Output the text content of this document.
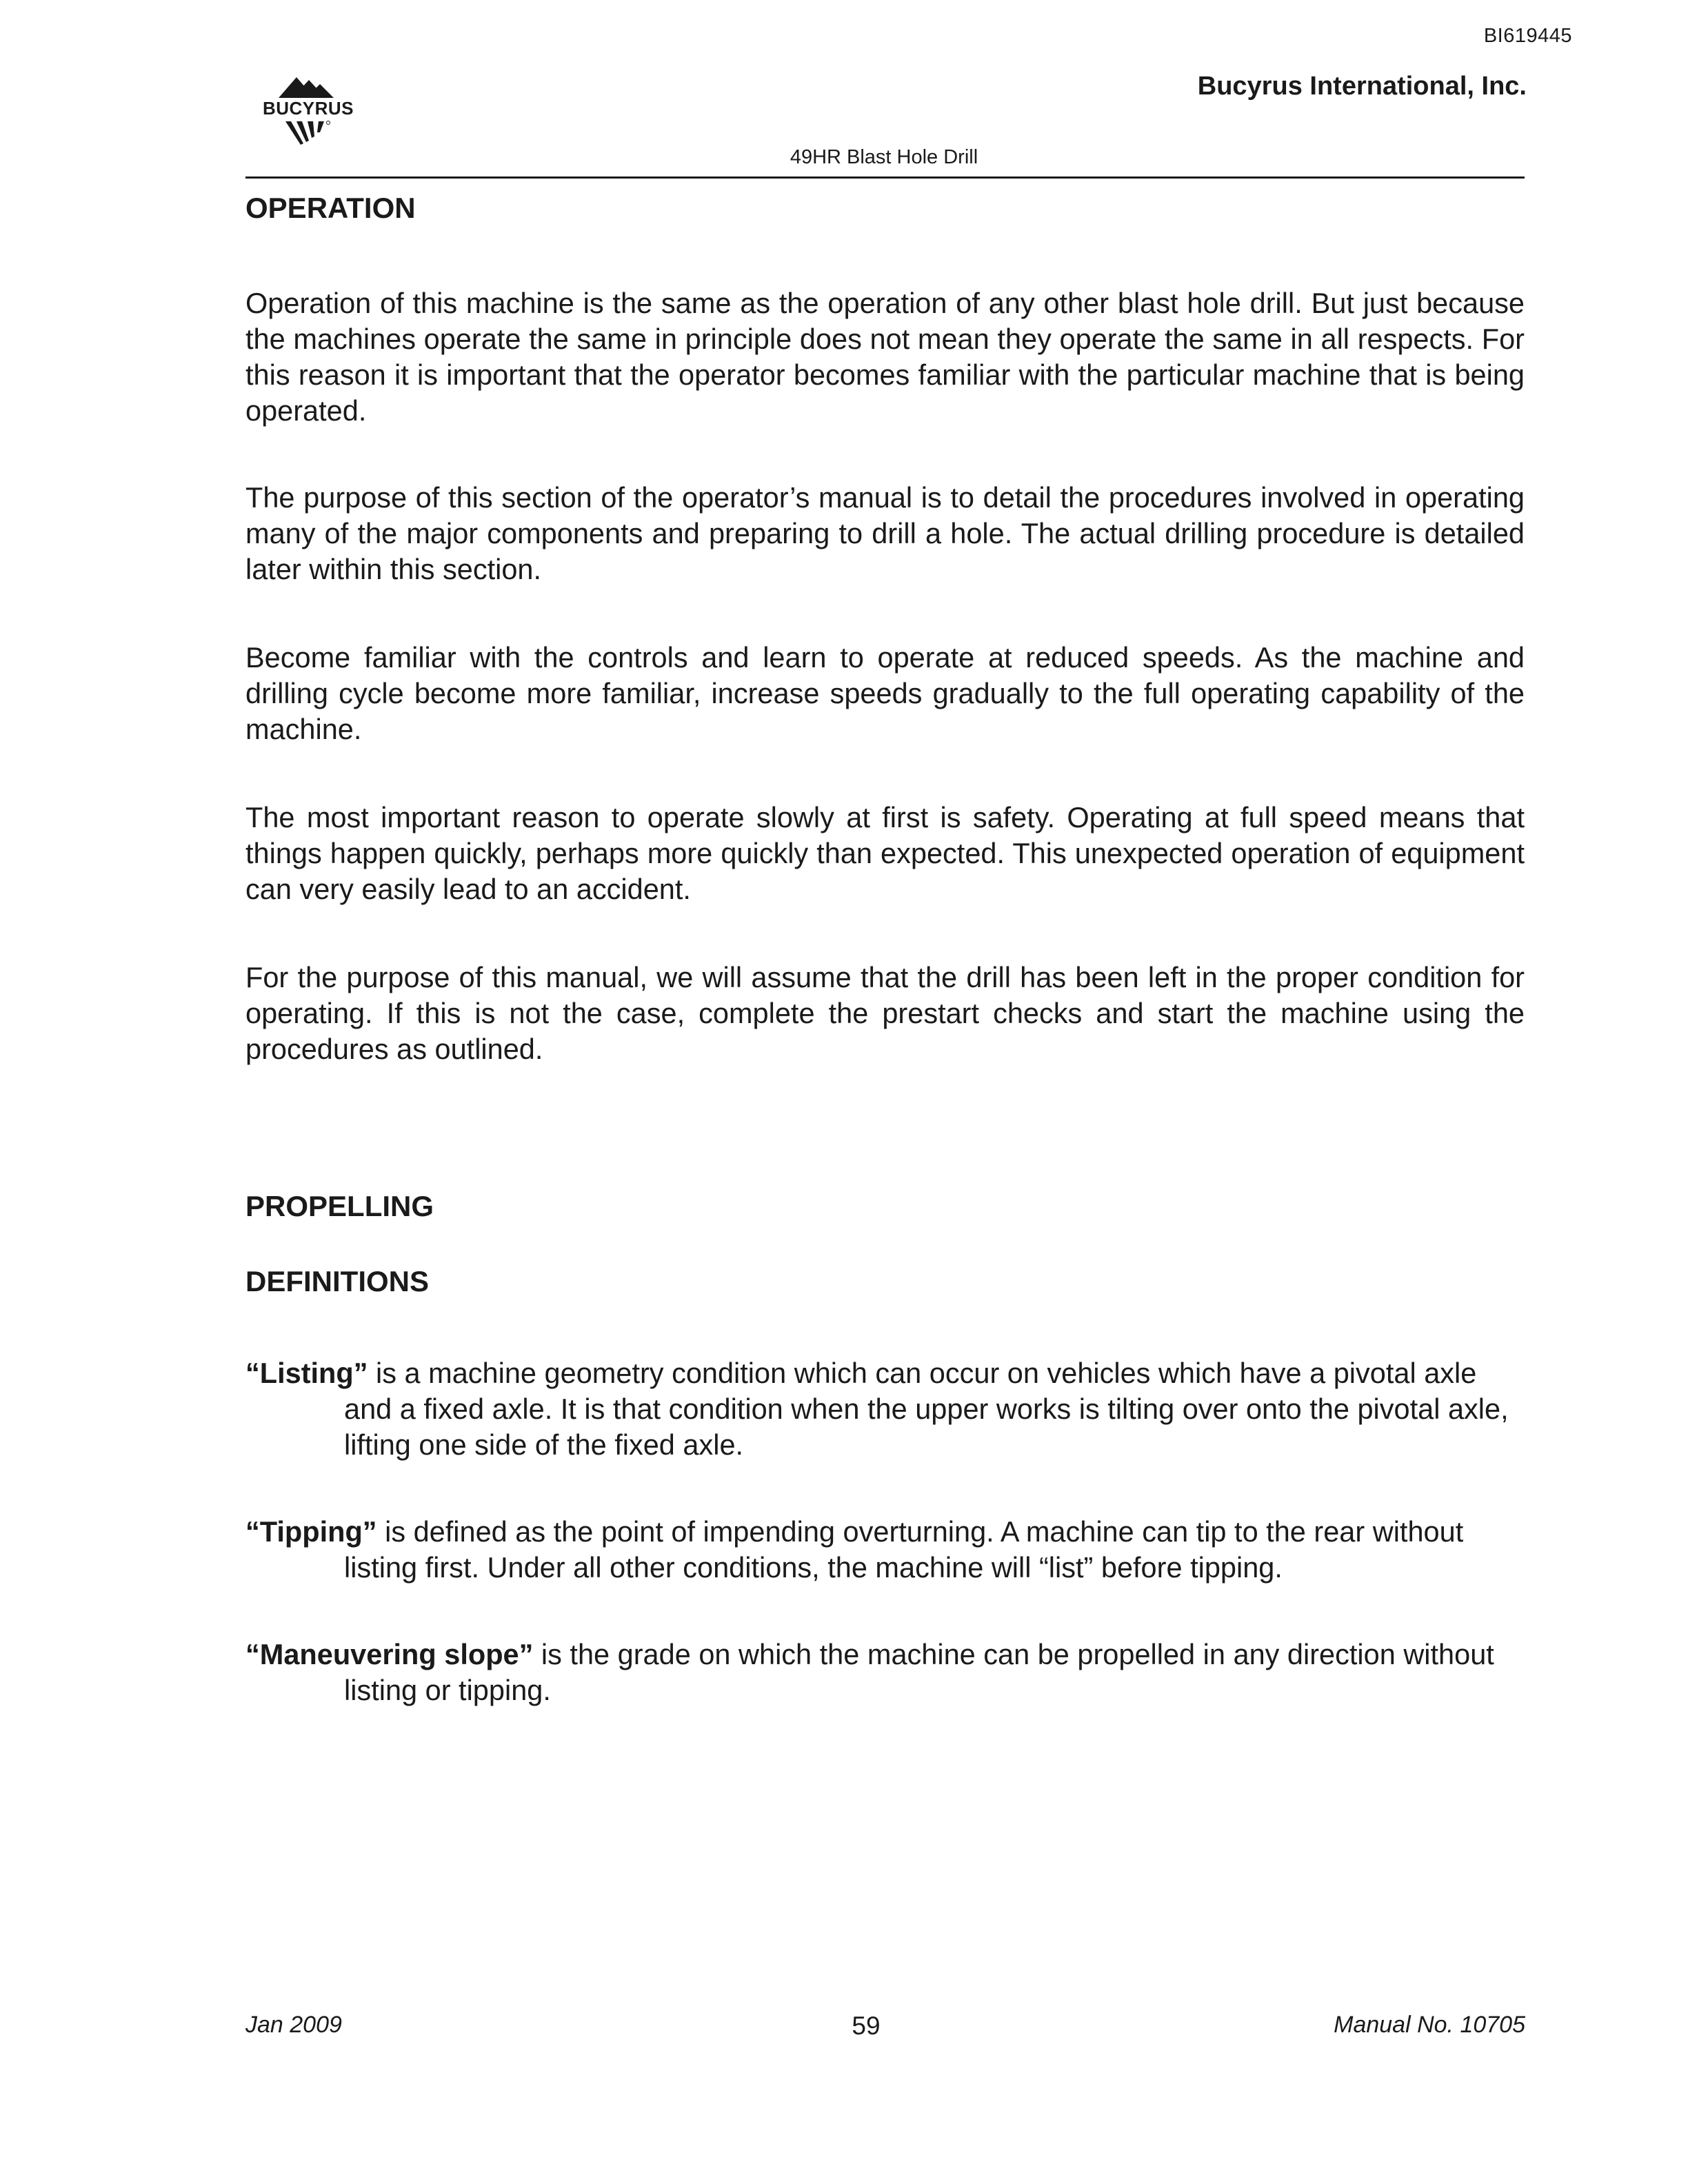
BI619445
BUCYRUS
Bucyrus International, Inc.
49HR Blast Hole Drill
OPERATION

Operation of this machine is the same as the operation of any other blast hole drill. But just because the machines operate the same in principle does not mean they operate the same in all respects. For this reason it is important that the operator becomes familiar with the particular machine that is being operated.

The purpose of this section of the operator’s manual is to detail the procedures involved in operating many of the major components and preparing to drill a hole. The actual drilling procedure is detailed later within this section.

Become familiar with the controls and learn to operate at reduced speeds. As the machine and drilling cycle become more familiar, increase speeds gradually to the full operating capability of the machine.

The most important reason to operate slowly at first is safety. Operating at full speed means that things happen quickly, perhaps more quickly than expected. This unexpected operation of equipment can very easily lead to an accident.

For the purpose of this manual, we will assume that the drill has been left in the proper condition for operating. If this is not the case, complete the prestart checks and start the machine using the procedures as outlined.

PROPELLING
DEFINITIONS

“Listing” is a machine geometry condition which can occur on vehicles which have a pivotal axle and a fixed axle. It is that condition when the upper works is tilting over onto the pivotal axle, lifting one side of the fixed axle.

“Tipping” is defined as the point of impending overturning. A machine can tip to the rear without listing first. Under all other conditions, the machine will “list” before tipping.

“Maneuvering slope” is the grade on which the machine can be propelled in any direction without listing or tipping.

Jan 2009	59	Manual No. 10705
